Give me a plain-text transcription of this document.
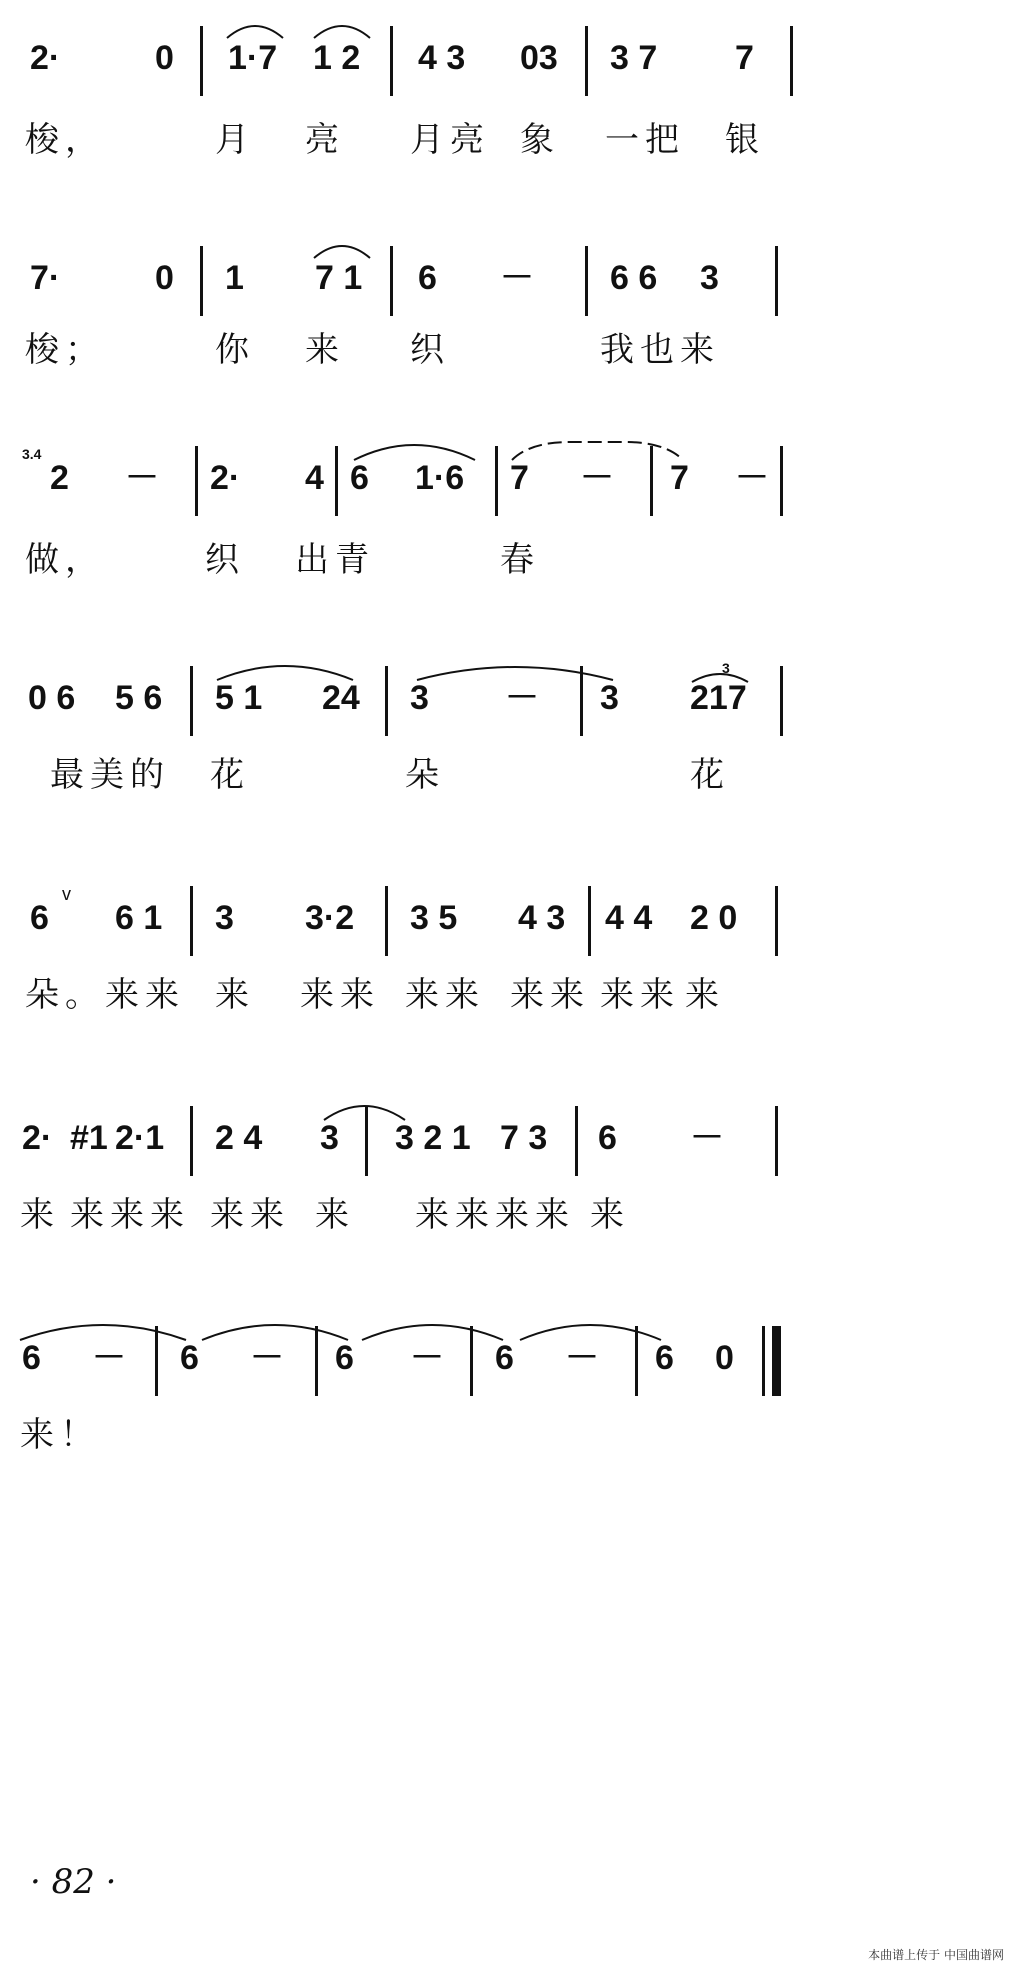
2·	0 1·7 1 2 4 3 03 3 7 7
梭，	月 亮 月亮 象 一把 银
7·	0 1 7 1 6 － 6 6 3
梭；	你 来 织	我也来
3.4
2 － 2· 4 6 1·6 7 － 7 －
做，	织 出青	春
0 6 5 6 5 1 24 3 － 3 217
3
最美的 花	朵	花
v
6 6 1 3 3·2 3 5 4 3 4 4 2 0
朵。 来来 来 来来 来来 来来 来来 来
2· #1 2·1 2 4 3 3 2 1 7 3 6 －
来 来来来 来来 来 来来来来 来
6 － 6 － 6 － 6 － 6 0
来！
· 82 ·
本曲谱上传于 中国曲谱网
